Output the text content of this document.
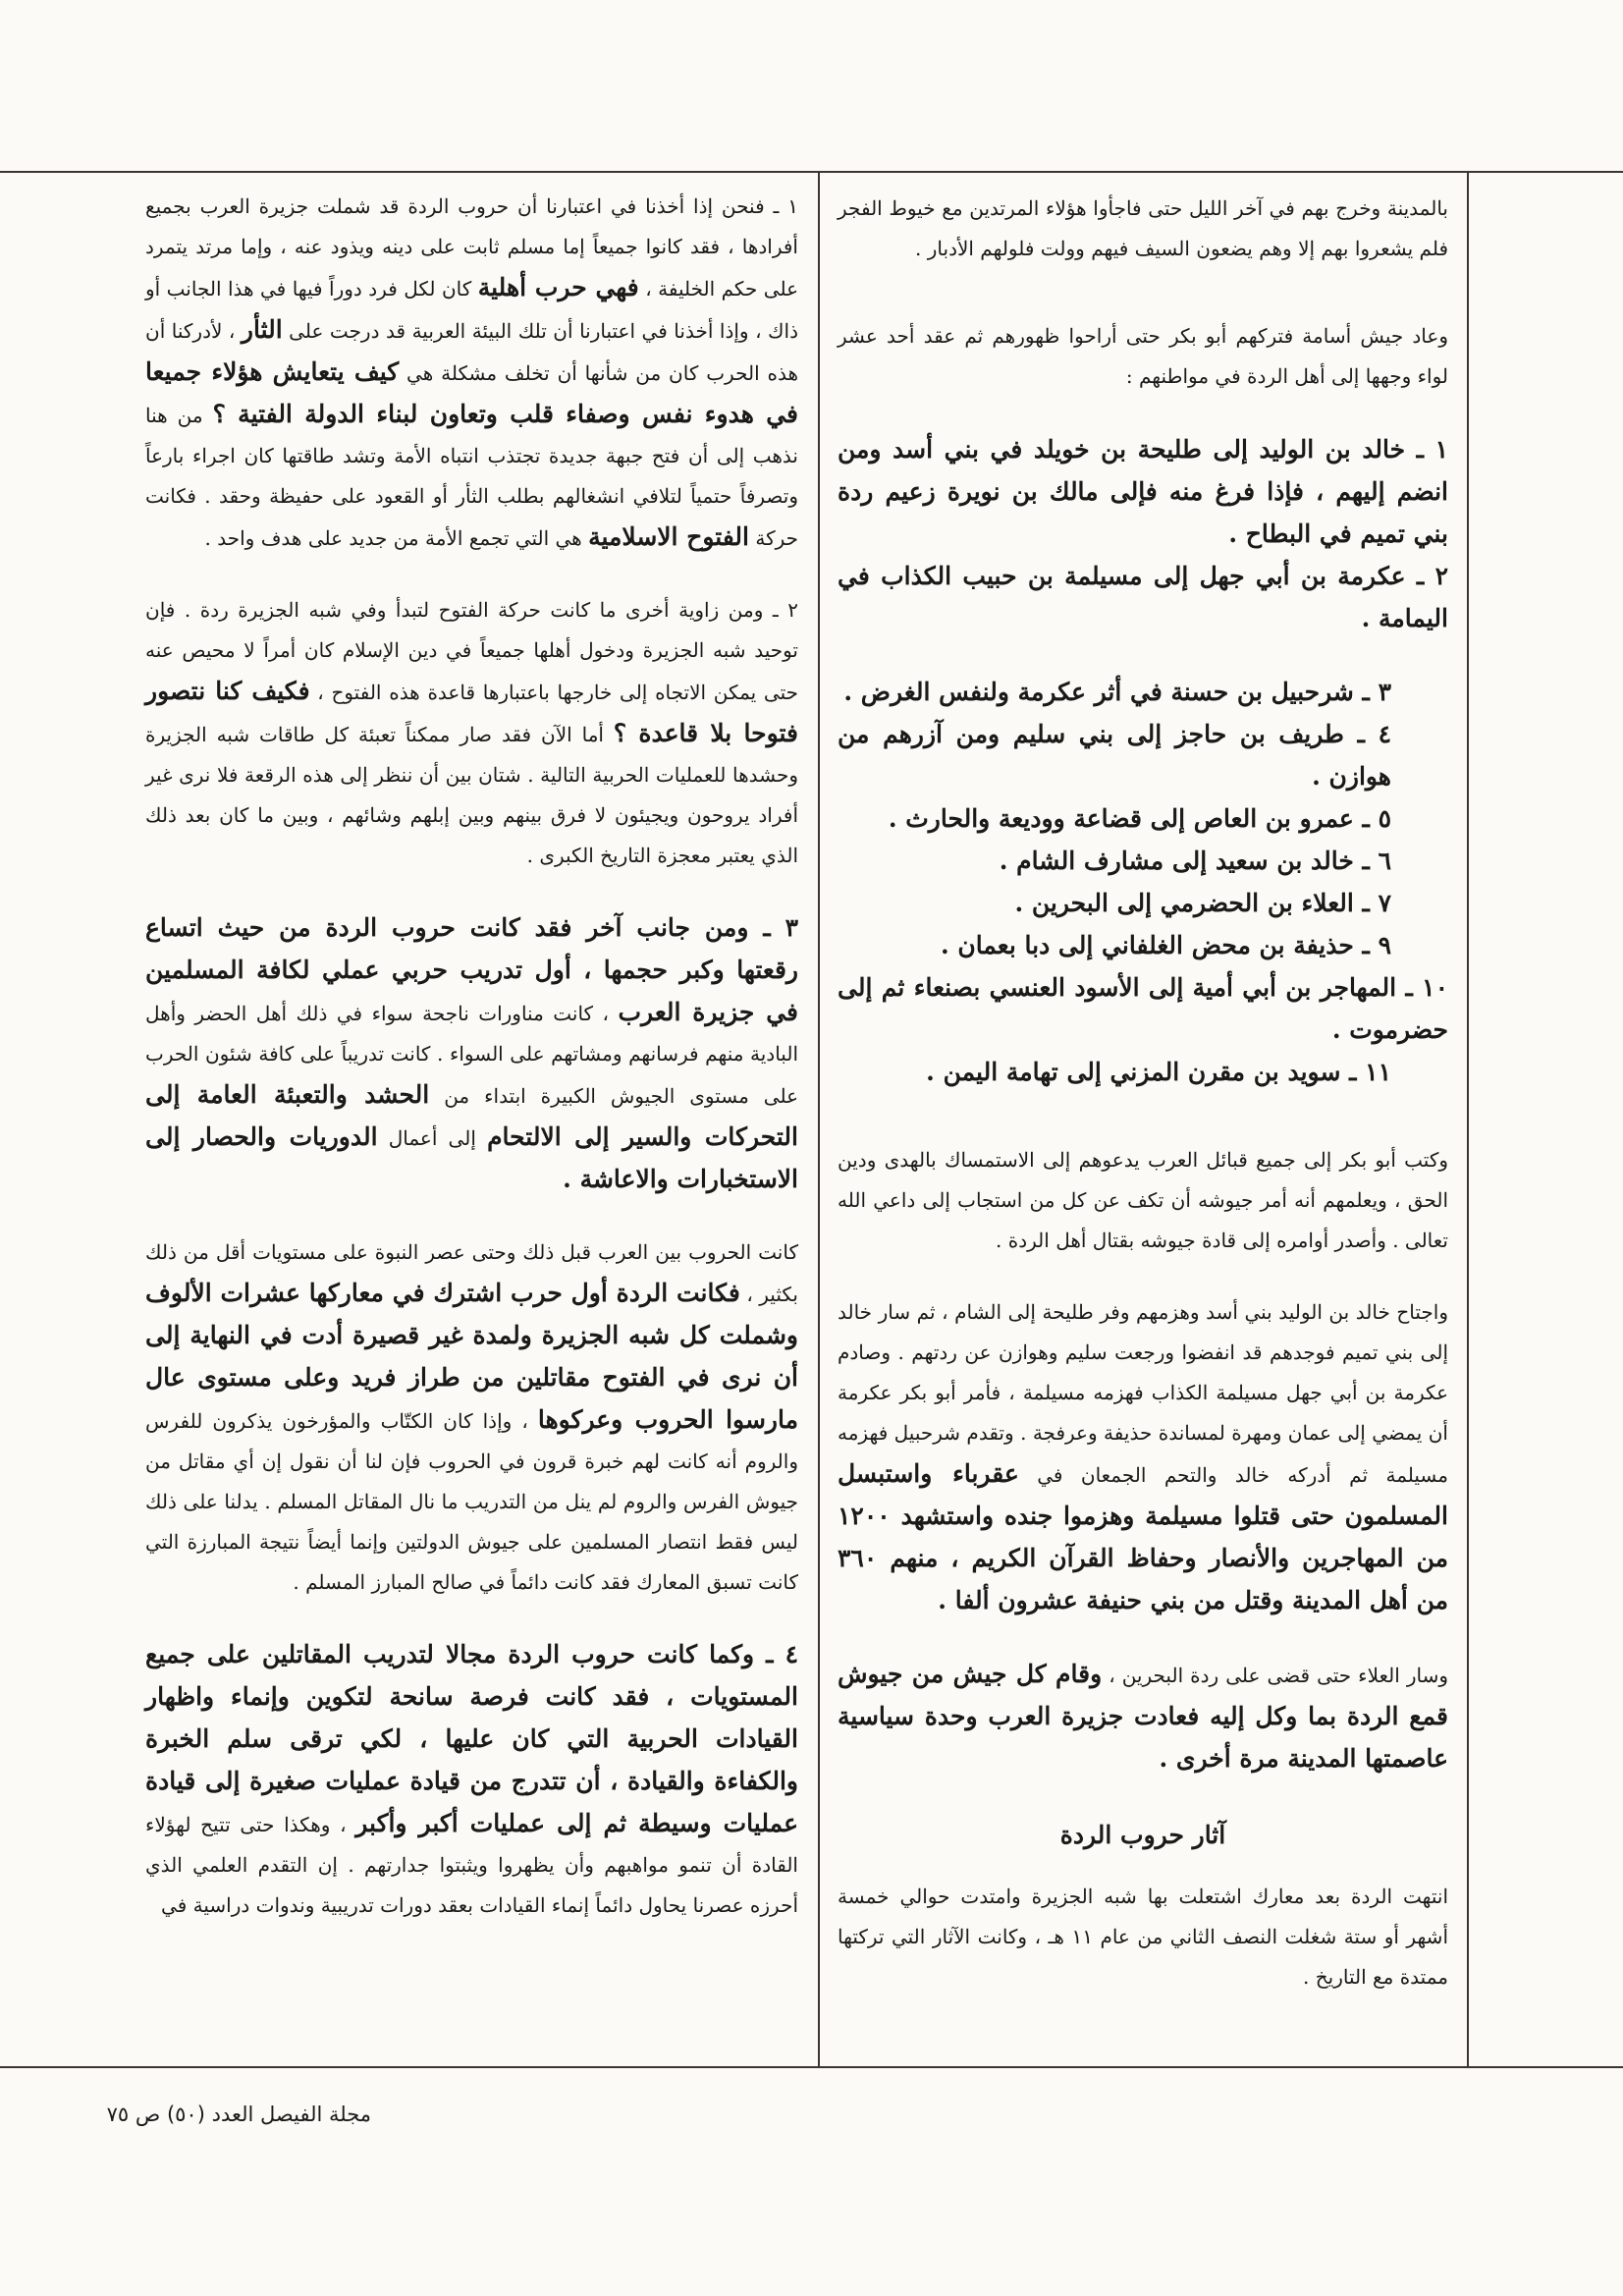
بالمدينة وخرج بهم في آخر الليل حتى فاجأوا هؤلاء المرتدين مع خيوط الفجر فلم يشعروا بهم إلا وهم يضعون السيف فيهم وولت فلولهم الأدبار .

وعاد جيش أسامة فتركهم أبو بكر حتى أراحوا ظهورهم ثم عقد أحد عشر لواء وجهها إلى أهل الردة في مواطنهم :

١ ـ خالد بن الوليد إلى طليحة بن خويلد في بني أسد ومن انضم إليهم ، فإذا فرغ منه فإلى مالك بن نويرة زعيم ردة بني تميم في البطاح .
٢ ـ عكرمة بن أبي جهل إلى مسيلمة بن حبيب الكذاب في اليمامة .
٣ ـ شرحبيل بن حسنة في أثر عكرمة ولنفس الغرض .
٤ ـ طريف بن حاجز إلى بني سليم ومن آزرهم من هوازن .
٥ ـ عمرو بن العاص إلى قضاعة ووديعة والحارث .
٦ ـ خالد بن سعيد إلى مشارف الشام .
٧ ـ العلاء بن الحضرمي إلى البحرين .
٩ ـ حذيفة بن محض الغلفاني إلى دبا بعمان .
١٠ ـ المهاجر بن أبي أمية إلى الأسود العنسي بصنعاء ثم إلى حضرموت .
١١ ـ سويد بن مقرن المزني إلى تهامة اليمن .

وكتب أبو بكر إلى جميع قبائل العرب يدعوهم إلى الاستمساك بالهدى ودين الحق ، ويعلمهم أنه أمر جيوشه أن تكف عن كل من استجاب إلى داعي الله تعالى . وأصدر أوامره إلى قادة جيوشه بقتال أهل الردة .

واجتاح خالد بن الوليد بني أسد وهزمهم وفر طليحة إلى الشام ، ثم سار خالد إلى بني تميم فوجدهم قد انفضوا ورجعت سليم وهوازن عن ردتهم . وصادم عكرمة بن أبي جهل مسيلمة الكذاب فهزمه مسيلمة ، فأمر أبو بكر عكرمة أن يمضي إلى عمان ومهرة لمساندة حذيفة وعرفجة . وتقدم شرحبيل فهزمه مسيلمة ثم أدركه خالد والتحم الجمعان في عقرباء واستبسل المسلمون حتى قتلوا مسيلمة وهزموا جنده واستشهد ١٢٠٠ من المهاجرين والأنصار وحفاظ القرآن الكريم ، منهم ٣٦٠ من أهل المدينة وقتل من بني حنيفة عشرون ألفا .

وسار العلاء حتى قضى على ردة البحرين ، وقام كل جيش من جيوش قمع الردة بما وكل إليه فعادت جزيرة العرب وحدة سياسية عاصمتها المدينة مرة أخرى .

آثار حروب الردة

انتهت الردة بعد معارك اشتعلت بها شبه الجزيرة وامتدت حوالي خمسة أشهر أو ستة شغلت النصف الثاني من عام ١١ هـ ، وكانت الآثار التي تركتها ممتدة مع التاريخ .

١ ـ فنحن إذا أخذنا في اعتبارنا أن حروب الردة قد شملت جزيرة العرب بجميع أفرادها ، فقد كانوا جميعاً إما مسلم ثابت على دينه ويذود عنه ، وإما مرتد يتمرد على حكم الخليفة ، فهي حرب أهلية كان لكل فرد دوراً فيها في هذا الجانب أو ذاك ، وإذا أخذنا في اعتبارنا أن تلك البيئة العربية قد درجت على الثأر ، لأدركنا أن هذه الحرب كان من شأنها أن تخلف مشكلة هي كيف يتعايش هؤلاء جميعا في هدوء نفس وصفاء قلب وتعاون لبناء الدولة الفتية ؟ من هنا نذهب إلى أن فتح جبهة جديدة تجتذب انتباه الأمة وتشد طاقتها كان اجراء بارعاً وتصرفاً حتمياً لتلافي انشغالهم بطلب الثأر أو القعود على حفيظة وحقد . فكانت حركة الفتوح الاسلامية هي التي تجمع الأمة من جديد على هدف واحد .

٢ ـ ومن زاوية أخرى ما كانت حركة الفتوح لتبدأ وفي شبه الجزيرة ردة . فإن توحيد شبه الجزيرة ودخول أهلها جميعاً في دين الإسلام كان أمراً لا محيص عنه حتى يمكن الاتجاه إلى خارجها باعتبارها قاعدة هذه الفتوح ، فكيف كنا نتصور فتوحا بلا قاعدة ؟ أما الآن فقد صار ممكناً تعبئة كل طاقات شبه الجزيرة وحشدها للعمليات الحربية التالية . شتان بين أن ننظر إلى هذه الرقعة فلا نرى غير أفراد يروحون ويجيئون لا فرق بينهم وبين إبلهم وشائهم ، وبين ما كان بعد ذلك الذي يعتبر معجزة التاريخ الكبرى .

٣ ـ ومن جانب آخر فقد كانت حروب الردة من حيث اتساع رقعتها وكبر حجمها ، أول تدريب حربي عملي لكافة المسلمين في جزيرة العرب ، كانت مناورات ناجحة سواء في ذلك أهل الحضر وأهل البادية منهم فرسانهم ومشاتهم على السواء . كانت تدريباً على كافة شئون الحرب على مستوى الجيوش الكبيرة ابتداء من الحشد والتعبئة العامة إلى التحركات والسير إلى الالتحام إلى أعمال الدوريات والحصار إلى الاستخبارات والاعاشة .

كانت الحروب بين العرب قبل ذلك وحتى عصر النبوة على مستويات أقل من ذلك بكثير ، فكانت الردة أول حرب اشترك في معاركها عشرات الألوف وشملت كل شبه الجزيرة ولمدة غير قصيرة أدت في النهاية إلى أن نرى في الفتوح مقاتلين من طراز فريد وعلى مستوى عال مارسوا الحروب وعركوها ، وإذا كان الكتّاب والمؤرخون يذكرون للفرس والروم أنه كانت لهم خبرة قرون في الحروب فإن لنا أن نقول إن أي مقاتل من جيوش الفرس والروم لم ينل من التدريب ما نال المقاتل المسلم . يدلنا على ذلك ليس فقط انتصار المسلمين على جيوش الدولتين وإنما أيضاً نتيجة المبارزة التي كانت تسبق المعارك فقد كانت دائماً في صالح المبارز المسلم .

٤ ـ وكما كانت حروب الردة مجالا لتدريب المقاتلين على جميع المستويات ، فقد كانت فرصة سانحة لتكوين وإنماء واظهار القيادات الحربية التي كان عليها ، لكي ترقى سلم الخبرة والكفاءة والقيادة ، أن تتدرج من قيادة عمليات صغيرة إلى قيادة عمليات وسيطة ثم إلى عمليات أكبر وأكبر ، وهكذا حتى تتيح لهؤلاء القادة أن تنمو مواهبهم وأن يظهروا ويثبتوا جدارتهم . إن التقدم العلمي الذي أحرزه عصرنا يحاول دائماً إنماء القيادات بعقد دورات تدريبية وندوات دراسية في

مجلة الفيصل العدد (٥٠) ص ٧٥
